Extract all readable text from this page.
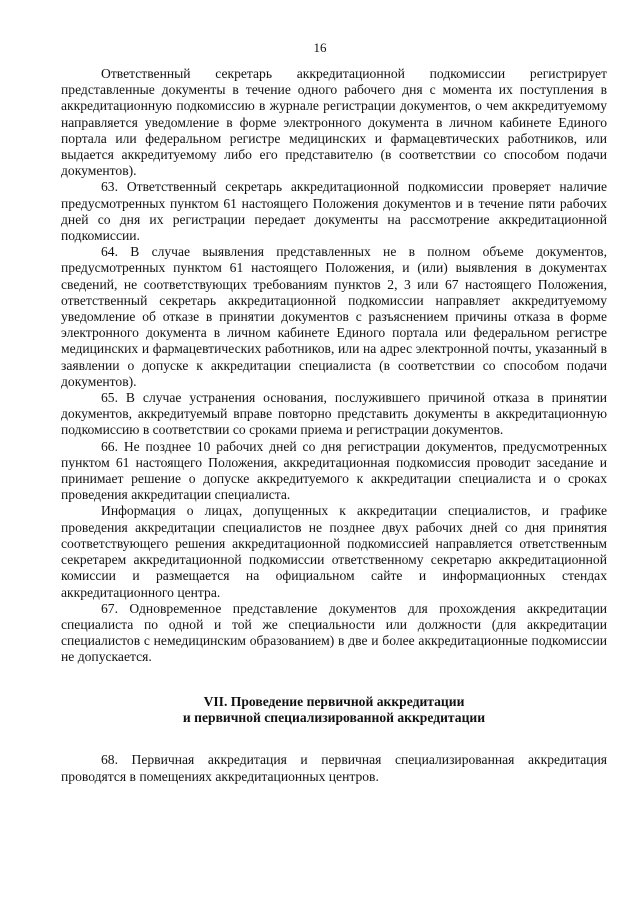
16

Ответственный секретарь аккредитационной подкомиссии регистрирует представленные документы в течение одного рабочего дня с момента их поступления в аккредитационную подкомиссию в журнале регистрации документов, о чем аккредитуемому направляется уведомление в форме электронного документа в личном кабинете Единого портала или федеральном регистре медицинских и фармацевтических работников, или выдается аккредитуемому либо его представителю (в соответствии со способом подачи документов).

63. Ответственный секретарь аккредитационной подкомиссии проверяет наличие предусмотренных пунктом 61 настоящего Положения документов и в течение пяти рабочих дней со дня их регистрации передает документы на рассмотрение аккредитационной подкомиссии.

64. В случае выявления представленных не в полном объеме документов, предусмотренных пунктом 61 настоящего Положения, и (или) выявления в документах сведений, не соответствующих требованиям пунктов 2, 3 или 67 настоящего Положения, ответственный секретарь аккредитационной подкомиссии направляет аккредитуемому уведомление об отказе в принятии документов с разъяснением причины отказа в форме электронного документа в личном кабинете Единого портала или федеральном регистре медицинских и фармацевтических работников, или на адрес электронной почты, указанный в заявлении о допуске к аккредитации специалиста (в соответствии со способом подачи документов).

65. В случае устранения основания, послужившего причиной отказа в принятии документов, аккредитуемый вправе повторно представить документы в аккредитационную подкомиссию в соответствии со сроками приема и регистрации документов.

66. Не позднее 10 рабочих дней со дня регистрации документов, предусмотренных пунктом 61 настоящего Положения, аккредитационная подкомиссия проводит заседание и принимает решение о допуске аккредитуемого к аккредитации специалиста и о сроках проведения аккредитации специалиста.

Информация о лицах, допущенных к аккредитации специалистов, и графике проведения аккредитации специалистов не позднее двух рабочих дней со дня принятия соответствующего решения аккредитационной подкомиссией направляется ответственным секретарем аккредитационной подкомиссии ответственному секретарю аккредитационной комиссии и размещается на официальном сайте и информационных стендах аккредитационного центра.

67. Одновременное представление документов для прохождения аккредитации специалиста по одной и той же специальности или должности (для аккредитации специалистов с немедицинским образованием) в две и более аккредитационные подкомиссии не допускается.

VII. Проведение первичной аккредитации
и первичной специализированной аккредитации

68. Первичная аккредитация и первичная специализированная аккредитация проводятся в помещениях аккредитационных центров.
